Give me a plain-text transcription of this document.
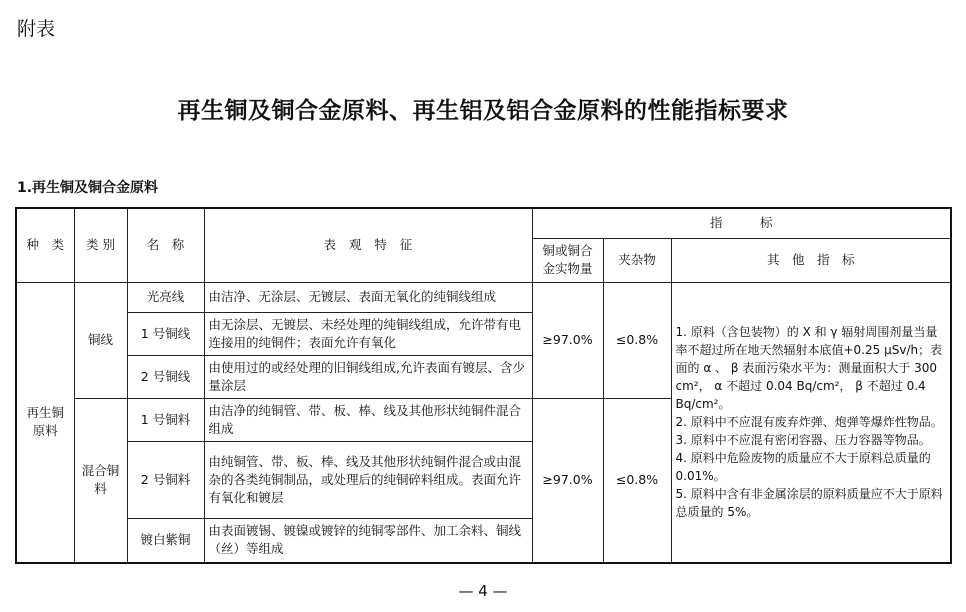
附表
再生铜及铜合金原料、再生铝及铝合金原料的性能指标要求
1.再生铜及铜合金原料
种　类	类 别	名　称	表　观　特　征	指　　　标		
				铜或铜合金实物量	夹杂物	其　他　指　标
再生铜原料	铜线	光亮线	由洁净、无涂层、无镀层、表面无氧化的纯铜线组成	≥97.0%	≤0.8%	1. 原料（含包装物）的 X 和 γ 辐射周围剂量当量率不超过所在地天然辐射本底值+0.25 μSv/h；表面的 α 、 β 表面污染水平为：测量面积大于 300 cm²， α 不超过 0.04 Bq/cm²， β 不超过 0.4 Bq/cm²。
2. 原料中不应混有废弃炸弹、炮弹等爆炸性物品。
3. 原料中不应混有密闭容器、压力容器等物品。
4. 原料中危险废物的质量应不大于原料总质量的 0.01%。
5. 原料中含有非金属涂层的原料质量应不大于原料总质量的 5%。

		1 号铜线	由无涂层、无镀层、未经处理的纯铜线组成，允许带有电连接用的纯铜件；表面允许有氧化			
		2 号铜线	由使用过的或经处理的旧铜线组成,允许表面有镀层、含少量涂层			
	混合铜料	1 号铜料	由洁净的纯铜管、带、板、棒、线及其他形状纯铜件混合组成	≥97.0%	≤0.8%	
		2 号铜料	由纯铜管、带、板、棒、线及其他形状纯铜件混合或由混杂的各类纯铜制品，或处理后的纯铜碎料组成。表面允许有氧化和镀层			
		镀白紫铜	由表面镀锡、镀镍或镀锌的纯铜零部件、加工余料、铜线（丝）等组成			
— 4 —
